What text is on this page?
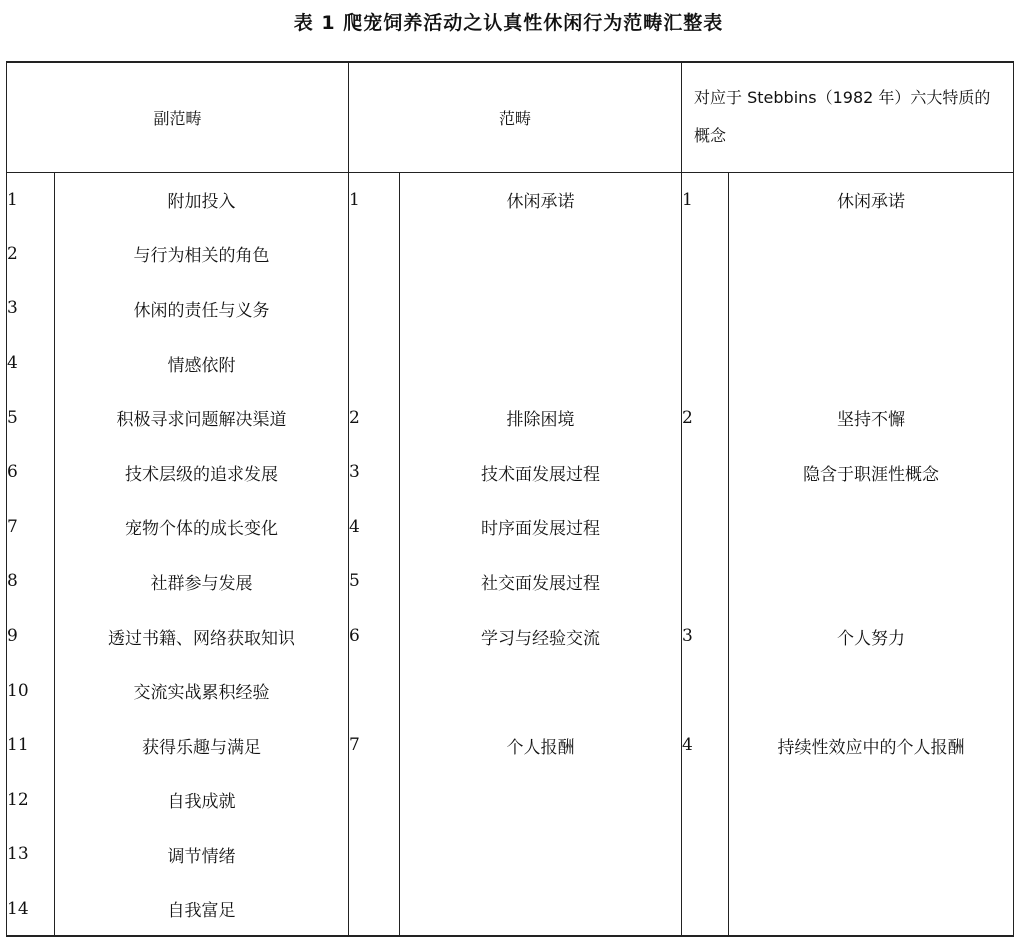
表 1 爬宠饲养活动之认真性休闲行为范畴汇整表
副范畴		范畴		对应于 Stebbins（1982 年）六大特质的概念	
1	附加投入	1	休闲承诺	1	休闲承诺
2	与行为相关的角色				
3	休闲的责任与义务				
4	情感依附				
5	积极寻求问题解决渠道	2	排除困境	2	坚持不懈
6	技术层级的追求发展	3	技术面发展过程		隐含于职涯性概念
7	宠物个体的成长变化	4	时序面发展过程		
8	社群参与发展	5	社交面发展过程		
9	透过书籍、网络获取知识	6	学习与经验交流	3	个人努力
10	交流实战累积经验				
11	获得乐趣与满足	7	个人报酬	4	持续性效应中的个人报酬
12	自我成就				
13	调节情绪				
14	自我富足				
